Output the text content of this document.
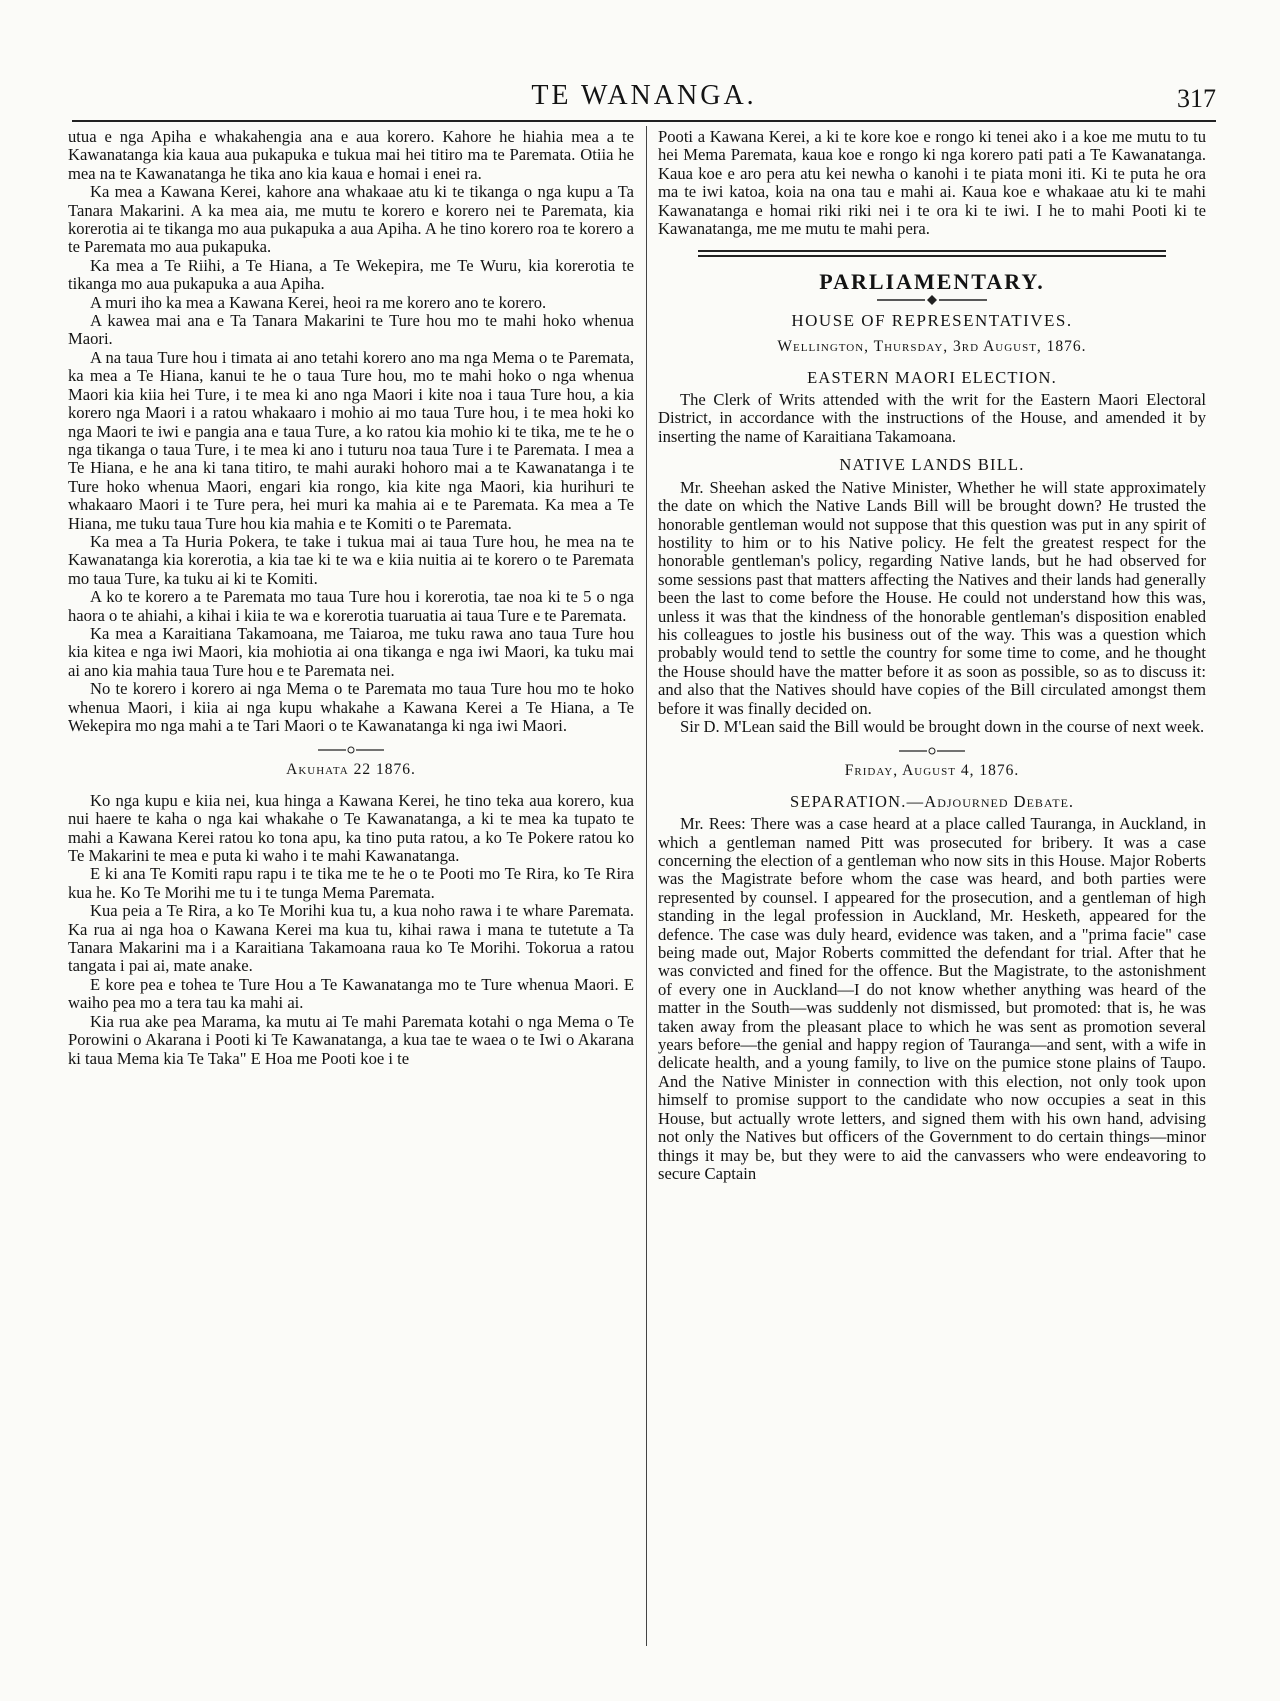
TE WANANGA.	317

utua e nga Apiha e whakahengia ana e aua korero. Kahore he hiahia mea a te Kawanatanga kia kaua aua pukapuka e tukua mai hei titiro ma te Paremata. Otiia he mea na te Kawanatanga he tika ano kia kaua e homai i enei ra.

Ka mea a Kawana Kerei, kahore ana whakaae atu ki te tikanga o nga kupu a Ta Tanara Makarini. A ka mea aia, me mutu te korero e korero nei te Paremata, kia korerotia ai te tikanga mo aua pukapuka a aua Apiha. A he tino korero roa te korero a te Paremata mo aua pukapuka.

Ka mea a Te Riihi, a Te Hiana, a Te Wekepira, me Te Wuru, kia korerotia te tikanga mo aua pukapuka a aua Apiha.

A muri iho ka mea a Kawana Kerei, heoi ra me korero ano te korero.

A kawea mai ana e Ta Tanara Makarini te Ture hou mo te mahi hoko whenua Maori.

A na taua Ture hou i timata ai ano tetahi korero ano ma nga Mema o te Paremata, ka mea a Te Hiana, kanui te he o taua Ture hou, mo te mahi hoko o nga whenua Maori kia kiia hei Ture, i te mea ki ano nga Maori i kite noa i taua Ture hou, a kia korero nga Maori i a ratou whakaaro i mohio ai mo taua Ture hou, i te mea hoki ko nga Maori te iwi e pangia ana e taua Ture, a ko ratou kia mohio ki te tika, me te he o nga tikanga o taua Ture, i te mea ki ano i tuturu noa taua Ture i te Paremata. I mea a Te Hiana, e he ana ki tana titiro, te mahi auraki hohoro mai a te Kawanatanga i te Ture hoko whenua Maori, engari kia rongo, kia kite nga Maori, kia hurihuri te whakaaro Maori i te Ture pera, hei muri ka mahia ai e te Paremata. Ka mea a Te Hiana, me tuku taua Ture hou kia mahia e te Komiti o te Paremata.

Ka mea a Ta Huria Pokera, te take i tukua mai ai taua Ture hou, he mea na te Kawanatanga kia korerotia, a kia tae ki te wa e kiia nuitia ai te korero o te Paremata mo taua Ture, ka tuku ai ki te Komiti.

A ko te korero a te Paremata mo taua Ture hou i korerotia, tae noa ki te 5 o nga haora o te ahiahi, a kihai i kiia te wa e korerotia tuaruatia ai taua Ture e te Paremata.

Ka mea a Karaitiana Takamoana, me Taiaroa, me tuku rawa ano taua Ture hou kia kitea e nga iwi Maori, kia mohiotia ai ona tikanga e nga iwi Maori, ka tuku mai ai ano kia mahia taua Ture hou e te Paremata nei.

No te korero i korero ai nga Mema o te Paremata mo taua Ture hou mo te hoko whenua Maori, i kiia ai nga kupu whakahe a Kawana Kerei a Te Hiana, a Te Wekepira mo nga mahi a te Tari Maori o te Kawanatanga ki nga iwi Maori.

Akuhata 22 1876.

Ko nga kupu e kiia nei, kua hinga a Kawana Kerei, he tino teka aua korero, kua nui haere te kaha o nga kai whakahe o Te Kawanatanga, a ki te mea ka tupato te mahi a Kawana Kerei ratou ko tona apu, ka tino puta ratou, a ko Te Pokere ratou ko Te Makarini te mea e puta ki waho i te mahi Kawanatanga.

E ki ana Te Komiti rapu rapu i te tika me te he o te Pooti mo Te Rira, ko Te Rira kua he. Ko Te Morihi me tu i te tunga Mema Paremata.

Kua peia a Te Rira, a ko Te Morihi kua tu, a kua noho rawa i te whare Paremata. Ka rua ai nga hoa o Kawana Kerei ma kua tu, kihai rawa i mana te tutetute a Ta Tanara Makarini ma i a Karaitiana Takamoana raua ko Te Morihi. Tokorua a ratou tangata i pai ai, mate anake.

E kore pea e tohea te Ture Hou a Te Kawanatanga mo te Ture whenua Maori. E waiho pea mo a tera tau ka mahi ai.

Kia rua ake pea Marama, ka mutu ai Te mahi Paremata kotahi o nga Mema o Te Porowini o Akarana i Pooti ki Te Kawanatanga, a kua tae te waea o te Iwi o Akarana ki taua Mema kia Te Taka" E Hoa me Pooti koe i te

Pooti a Kawana Kerei, a ki te kore koe e rongo ki tenei ako i a koe me mutu to tu hei Mema Paremata, kaua koe e rongo ki nga korero pati pati a Te Kawanatanga. Kaua koe e aro pera atu kei newha o kanohi i te piata moni iti. Ki te puta he ora ma te iwi katoa, koia na ona tau e mahi ai. Kaua koe e whakaae atu ki te mahi Kawanatanga e homai riki riki nei i te ora ki te iwi. I he to mahi Pooti ki te Kawanatanga, me me mutu te mahi pera.

PARLIAMENTARY.
HOUSE OF REPRESENTATIVES.
Wellington, Thursday, 3rd August, 1876.
EASTERN MAORI ELECTION.

The Clerk of Writs attended with the writ for the Eastern Maori Electoral District, in accordance with the instructions of the House, and amended it by inserting the name of Karaitiana Takamoana.

NATIVE LANDS BILL.

Mr. Sheehan asked the Native Minister, Whether he will state approximately the date on which the Native Lands Bill will be brought down? He trusted the honorable gentleman would not suppose that this question was put in any spirit of hostility to him or to his Native policy. He felt the greatest respect for the honorable gentleman's policy, regarding Native lands, but he had observed for some sessions past that matters affecting the Natives and their lands had generally been the last to come before the House. He could not understand how this was, unless it was that the kindness of the honorable gentleman's disposition enabled his colleagues to jostle his business out of the way. This was a question which probably would tend to settle the country for some time to come, and he thought the House should have the matter before it as soon as possible, so as to discuss it: and also that the Natives should have copies of the Bill circulated amongst them before it was finally decided on.

Sir D. M'Lean said the Bill would be brought down in the course of next week.

Friday, August 4, 1876.
SEPARATION.—Adjourned Debate.

Mr. Rees: There was a case heard at a place called Tauranga, in Auckland, in which a gentleman named Pitt was prosecuted for bribery. It was a case concerning the election of a gentleman who now sits in this House. Major Roberts was the Magistrate before whom the case was heard, and both parties were represented by counsel. I appeared for the prosecution, and a gentleman of high standing in the legal profession in Auckland, Mr. Hesketh, appeared for the defence. The case was duly heard, evidence was taken, and a "prima facie" case being made out, Major Roberts committed the defendant for trial. After that he was convicted and fined for the offence. But the Magistrate, to the astonishment of every one in Auckland—I do not know whether anything was heard of the matter in the South—was suddenly not dismissed, but promoted: that is, he was taken away from the pleasant place to which he was sent as promotion several years before—the genial and happy region of Tauranga—and sent, with a wife in delicate health, and a young family, to live on the pumice stone plains of Taupo. And the Native Minister in connection with this election, not only took upon himself to promise support to the candidate who now occupies a seat in this House, but actually wrote letters, and signed them with his own hand, advising not only the Natives but officers of the Government to do certain things—minor things it may be, but they were to aid the canvassers who were endeavoring to secure Captain
